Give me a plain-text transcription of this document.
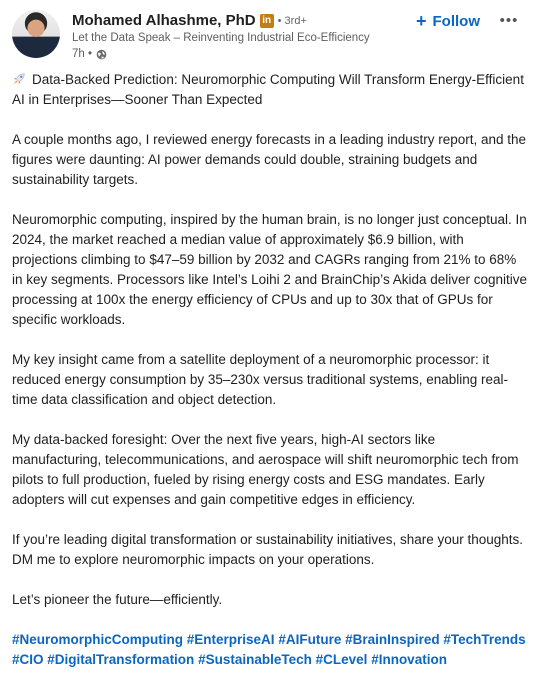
Mohamed Alhashme, PhD in • 3rd+
Let the Data Speak – Reinventing Industrial Eco-Efficiency
7h •
+ Follow •••

Data-Backed Prediction: Neuromorphic Computing Will Transform Energy-Efficient AI in Enterprises—Sooner Than Expected

A couple months ago, I reviewed energy forecasts in a leading industry report, and the figures were daunting: AI power demands could double, straining budgets and sustainability targets.

Neuromorphic computing, inspired by the human brain, is no longer just conceptual. In 2024, the market reached a median value of approximately $6.9 billion, with projections climbing to $47–59 billion by 2032 and CAGRs ranging from 21% to 68% in key segments. Processors like Intel’s Loihi 2 and BrainChip’s Akida deliver cognitive processing at 100x the energy efficiency of CPUs and up to 30x that of GPUs for specific workloads.

My key insight came from a satellite deployment of a neuromorphic processor: it reduced energy consumption by 35–230x versus traditional systems, enabling real-time data classification and object detection.

My data-backed foresight: Over the next five years, high-AI sectors like manufacturing, telecommunications, and aerospace will shift neuromorphic tech from pilots to full production, fueled by rising energy costs and ESG mandates. Early adopters will cut expenses and gain competitive edges in efficiency.

If you’re leading digital transformation or sustainability initiatives, share your thoughts. DM me to explore neuromorphic impacts on your operations.

Let’s pioneer the future—efficiently.

#NeuromorphicComputing #EnterpriseAI #AIFuture #BrainInspired #TechTrends #CIO #DigitalTransformation #SustainableTech #CLevel #Innovation
